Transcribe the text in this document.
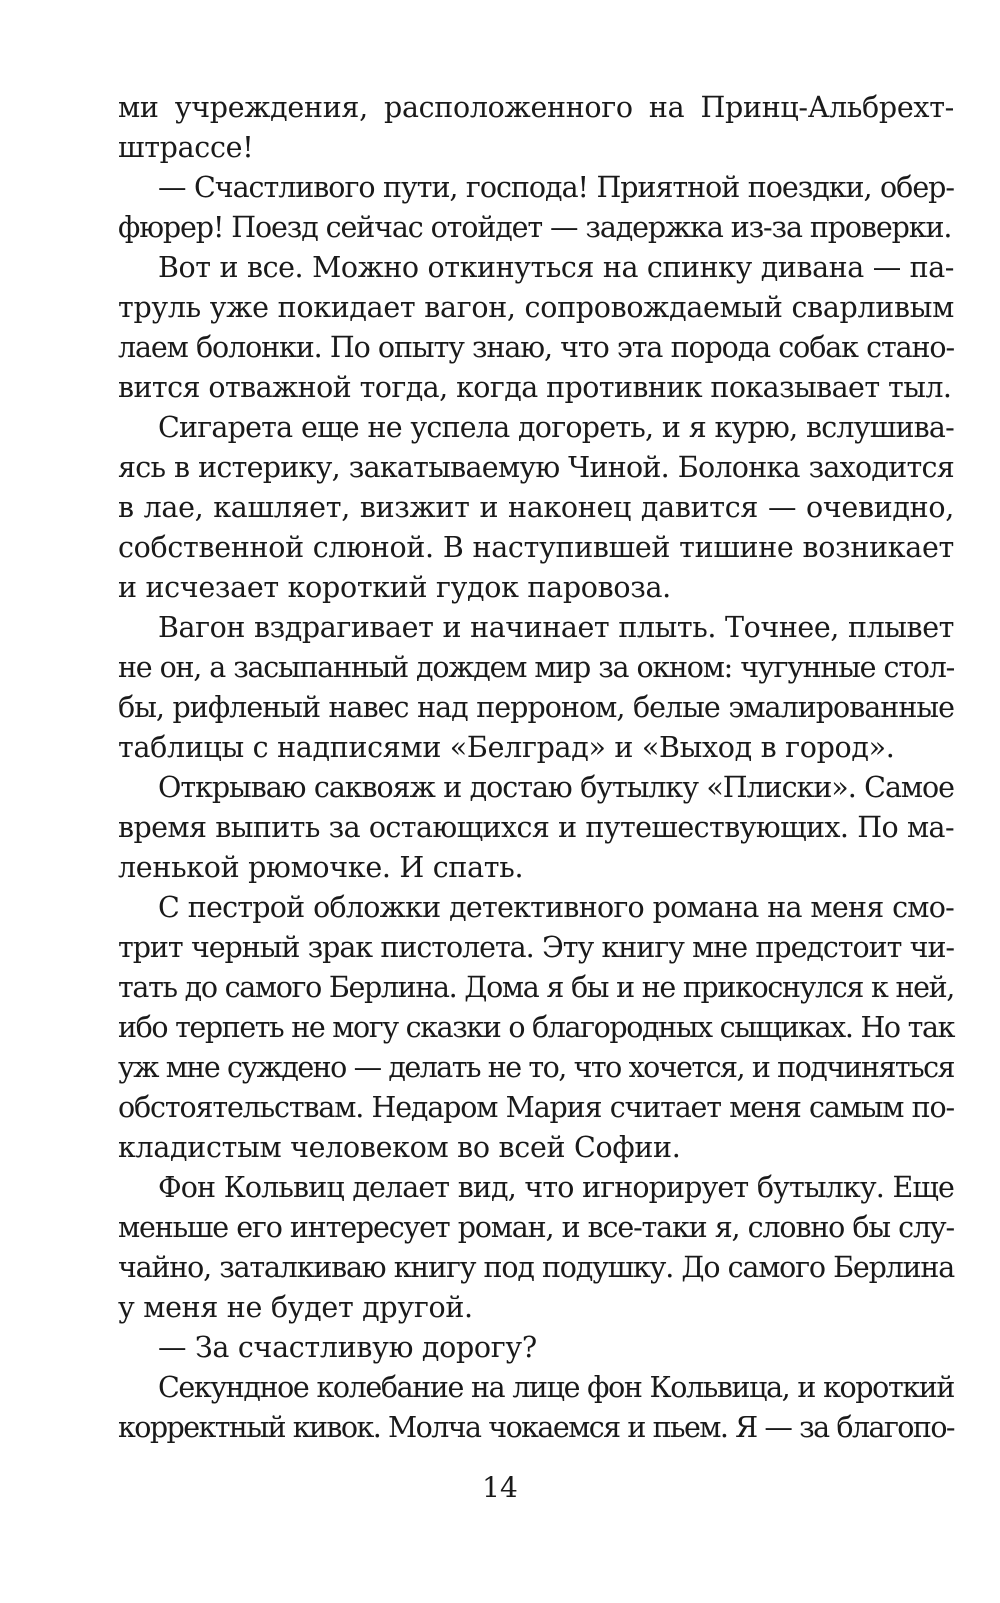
ми учреждения, расположенного на Принц-Альбрехт-
штрассе!
— Счастливого пути, господа! Приятной поездки, обер-
фюрер! Поезд сейчас отойдет — задержка из-за проверки.
Вот и все. Можно откинуться на спинку дивана — па-
труль уже покидает вагон, сопровождаемый сварливым
лаем болонки. По опыту знаю, что эта порода собак стано-
вится отважной тогда, когда противник показывает тыл.
Сигарета еще не успела догореть, и я курю, вслушива-
ясь в истерику, закатываемую Чиной. Болонка заходится
в лае, кашляет, визжит и наконец давится — очевидно,
собственной слюной. В наступившей тишине возникает
и исчезает короткий гудок паровоза.
Вагон вздрагивает и начинает плыть. Точнее, плывет
не он, а засыпанный дождем мир за окном: чугунные стол-
бы, рифленый навес над перроном, белые эмалированные
таблицы с надписями «Белград» и «Выход в город».
Открываю саквояж и достаю бутылку «Плиски». Самое
время выпить за остающихся и путешествующих. По ма-
ленькой рюмочке. И спать.
С пестрой обложки детективного романа на меня смо-
трит черный зрак пистолета. Эту книгу мне предстоит чи-
тать до самого Берлина. Дома я бы и не прикоснулся к ней,
ибо терпеть не могу сказки о благородных сыщиках. Но так
уж мне суждено — делать не то, что хочется, и подчиняться
обстоятельствам. Недаром Мария считает меня самым по-
кладистым человеком во всей Софии.
Фон Кольвиц делает вид, что игнорирует бутылку. Еще
меньше его интересует роман, и все-таки я, словно бы слу-
чайно, заталкиваю книгу под подушку. До самого Берлина
у меня не будет другой.
— За счастливую дорогу?
Секундное колебание на лице фон Кольвица, и короткий
корректный кивок. Молча чокаемся и пьем. Я — за благопо-
14
